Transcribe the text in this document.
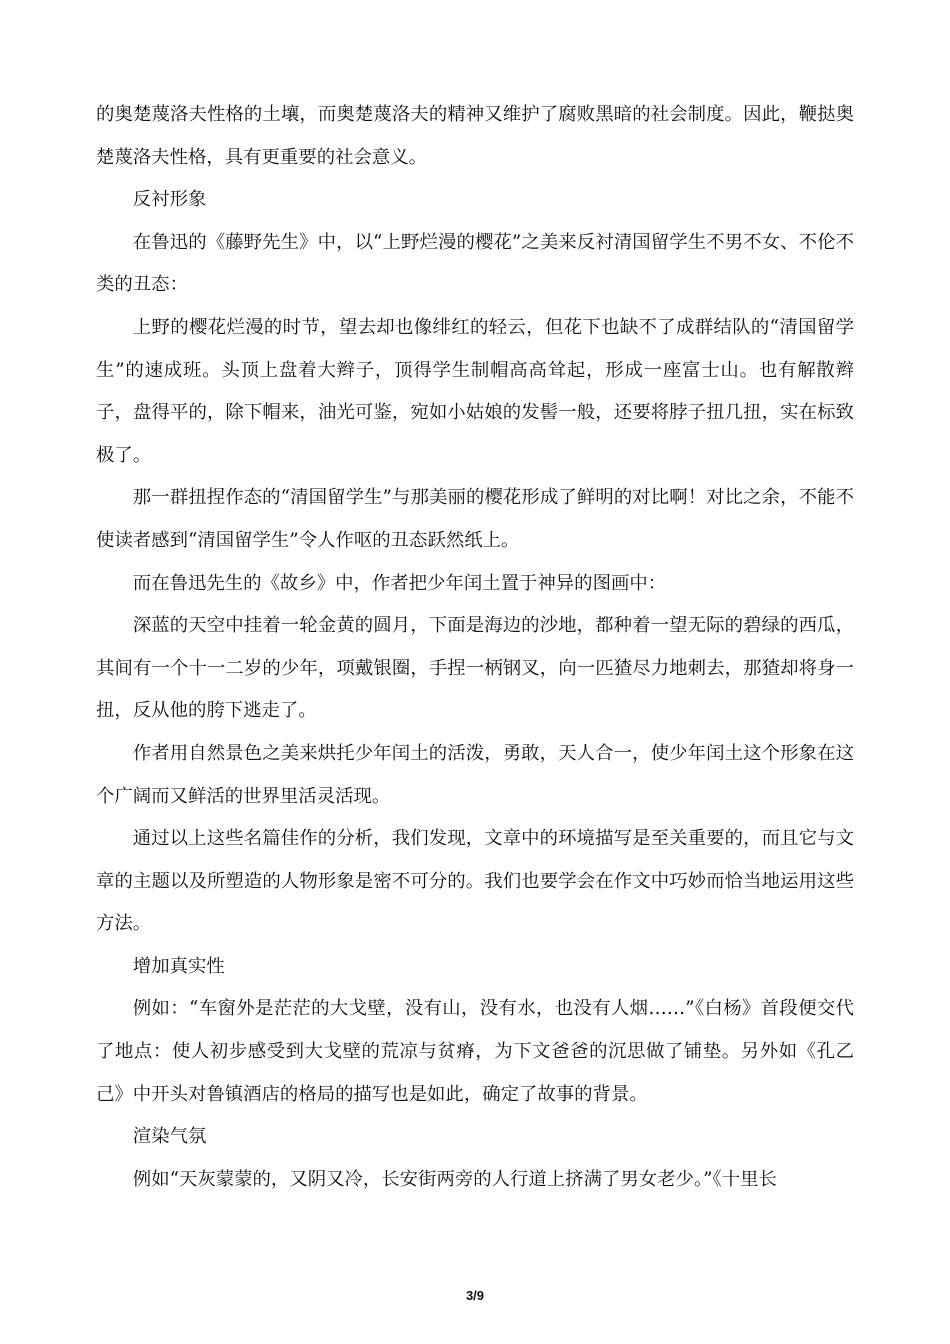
的奥楚蔑洛夫性格的土壤，而奥楚蔑洛夫的精神又维护了腐败黑暗的社会制度。因此，鞭挞奥楚蔑洛夫性格，具有更重要的社会意义。

反衬形象

在鲁迅的《藤野先生》中，以“上野烂漫的樱花”之美来反衬清国留学生不男不女、不伦不类的丑态：

上野的樱花烂漫的时节，望去却也像绯红的轻云，但花下也缺不了成群结队的“清国留学生”的速成班。头顶上盘着大辫子，顶得学生制帽高高耸起，形成一座富士山。也有解散辫子，盘得平的，除下帽来，油光可鉴，宛如小姑娘的发髻一般，还要将脖子扭几扭，实在标致极了。

那一群扭捏作态的“清国留学生”与那美丽的樱花形成了鲜明的对比啊！对比之余，不能不使读者感到“清国留学生”令人作呕的丑态跃然纸上。

而在鲁迅先生的《故乡》中，作者把少年闰土置于神异的图画中：

深蓝的天空中挂着一轮金黄的圆月，下面是海边的沙地，都种着一望无际的碧绿的西瓜，其间有一个十一二岁的少年，项戴银圈，手捏一柄钢叉，向一匹猹尽力地刺去，那猹却将身一扭，反从他的胯下逃走了。

作者用自然景色之美来烘托少年闰土的活泼，勇敢，天人合一，使少年闰土这个形象在这个广阔而又鲜活的世界里活灵活现。

通过以上这些名篇佳作的分析，我们发现，文章中的环境描写是至关重要的，而且它与文章的主题以及所塑造的人物形象是密不可分的。我们也要学会在作文中巧妙而恰当地运用这些方法。

增加真实性

例如：“车窗外是茫茫的大戈壁，没有山，没有水，也没有人烟……”《白杨》首段便交代了地点：使人初步感受到大戈壁的荒凉与贫瘠，为下文爸爸的沉思做了铺垫。另外如《孔乙己》中开头对鲁镇酒店的格局的描写也是如此，确定了故事的背景。

渲染气氛

例如“天灰蒙蒙的，又阴又冷，长安街两旁的人行道上挤满了男女老少。”《十里长

3/9
